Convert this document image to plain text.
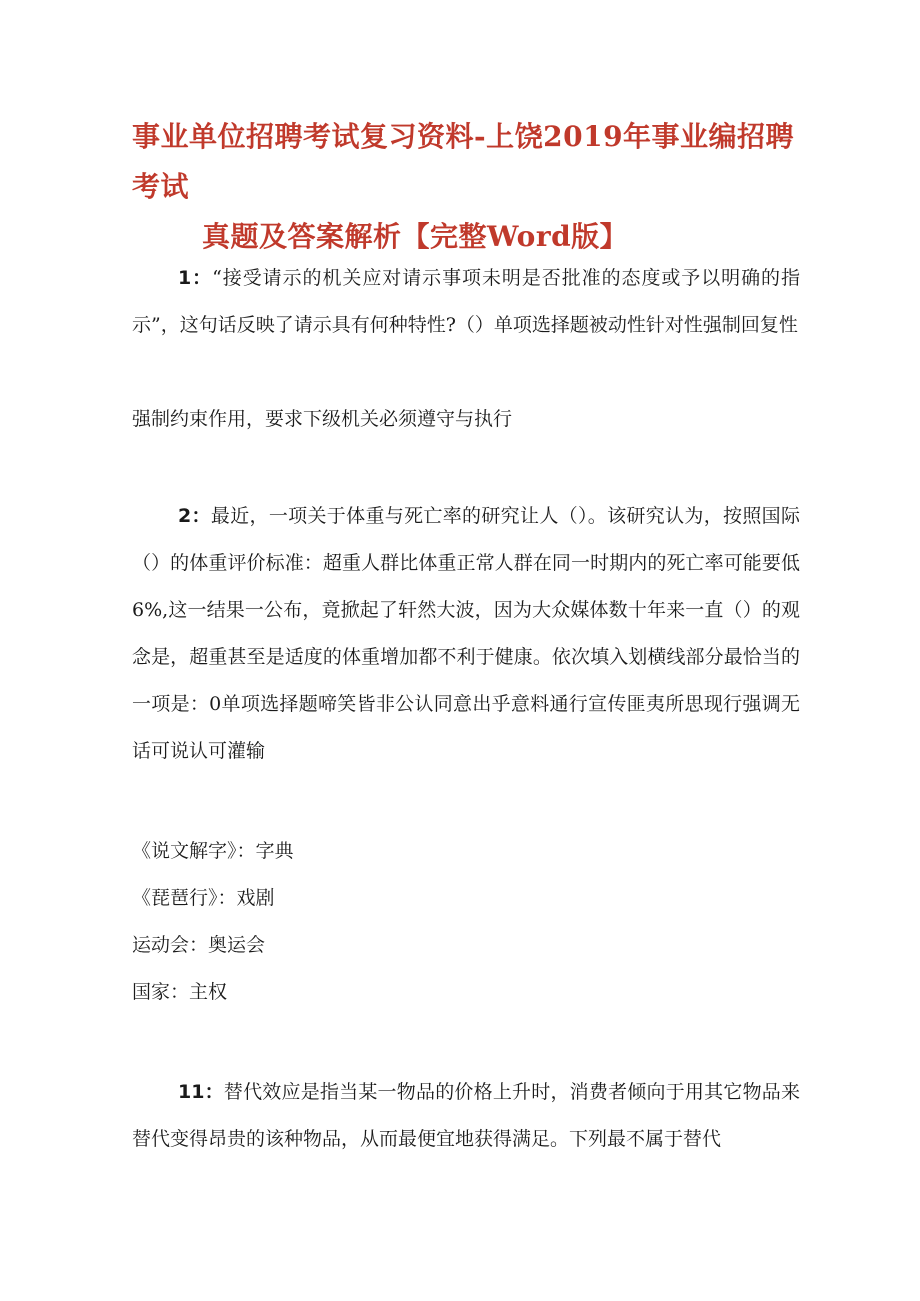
事业单位招聘考试复习资料-上饶2019年事业编招聘考试
真题及答案解析【完整Word版】
1：“接受请示的机关应对请示事项未明是否批准的态度或予以明确的指示”，这句话反映了请示具有何种特性?（）单项选择题被动性针对性强制回复性
强制约束作用，要求下级机关必须遵守与执行
2：最近，一项关于体重与死亡率的研究让人（）。该研究认为，按照国际（）的体重评价标准：超重人群比体重正常人群在同一时期内的死亡率可能要低6%,这一结果一公布，竟掀起了轩然大波，因为大众媒体数十年来一直（）的观念是，超重甚至是适度的体重增加都不利于健康。依次填入划横线部分最恰当的一项是：0单项选择题啼笑皆非公认同意出乎意料通行宣传匪夷所思现行强调无话可说认可灌输
《说文解字》：字典
《琵琶行》：戏剧
运动会：奥运会
国家：主权
11：替代效应是指当某一物品的价格上升时，消费者倾向于用其它物品来替代变得昂贵的该种物品，从而最便宜地获得满足。下列最不属于替代
